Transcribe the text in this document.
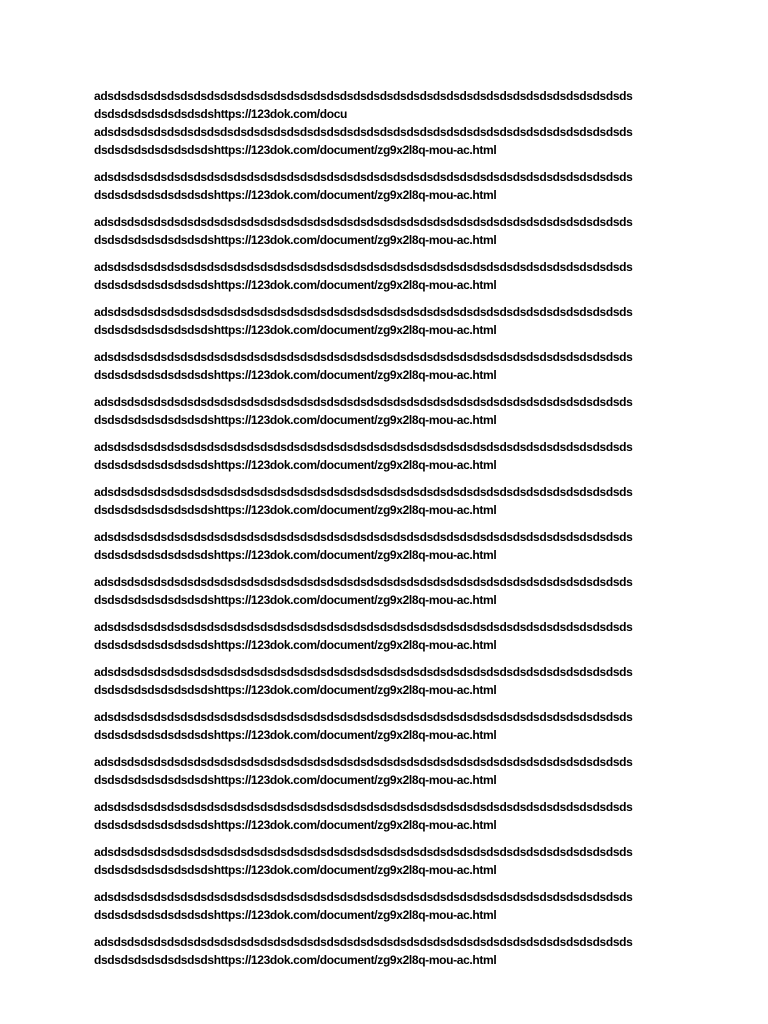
adsdsdsdsdsdsdsdsdsdsdsdsdsdsdsdsdsdsdsdsdsdsdsdsdsdsdsdsdsdsdsdsdsdsdsdsdsdsdsds
dsdsdsdsdsdsdsdsdshttps://123dok.com/docu
adsdsdsdsdsdsdsdsdsdsdsdsdsdsdsdsdsdsdsdsdsdsdsdsdsdsdsdsdsdsdsdsdsdsdsdsdsdsdsds
dsdsdsdsdsdsdsdsdshttps://123dok.com/document/zg9x2l8q-mou-ac.html
adsdsdsdsdsdsdsdsdsdsdsdsdsdsdsdsdsdsdsdsdsdsdsdsdsdsdsdsdsdsdsdsdsdsdsdsdsdsdsds
dsdsdsdsdsdsdsdsdshttps://123dok.com/document/zg9x2l8q-mou-ac.html
adsdsdsdsdsdsdsdsdsdsdsdsdsdsdsdsdsdsdsdsdsdsdsdsdsdsdsdsdsdsdsdsdsdsdsdsdsdsdsds
dsdsdsdsdsdsdsdsdshttps://123dok.com/document/zg9x2l8q-mou-ac.html
adsdsdsdsdsdsdsdsdsdsdsdsdsdsdsdsdsdsdsdsdsdsdsdsdsdsdsdsdsdsdsdsdsdsdsdsdsdsdsds
dsdsdsdsdsdsdsdsdshttps://123dok.com/document/zg9x2l8q-mou-ac.html
adsdsdsdsdsdsdsdsdsdsdsdsdsdsdsdsdsdsdsdsdsdsdsdsdsdsdsdsdsdsdsdsdsdsdsdsdsdsdsds
dsdsdsdsdsdsdsdsdshttps://123dok.com/document/zg9x2l8q-mou-ac.html
adsdsdsdsdsdsdsdsdsdsdsdsdsdsdsdsdsdsdsdsdsdsdsdsdsdsdsdsdsdsdsdsdsdsdsdsdsdsdsds
dsdsdsdsdsdsdsdsdshttps://123dok.com/document/zg9x2l8q-mou-ac.html
adsdsdsdsdsdsdsdsdsdsdsdsdsdsdsdsdsdsdsdsdsdsdsdsdsdsdsdsdsdsdsdsdsdsdsdsdsdsdsds
dsdsdsdsdsdsdsdsdshttps://123dok.com/document/zg9x2l8q-mou-ac.html
adsdsdsdsdsdsdsdsdsdsdsdsdsdsdsdsdsdsdsdsdsdsdsdsdsdsdsdsdsdsdsdsdsdsdsdsdsdsdsds
dsdsdsdsdsdsdsdsdshttps://123dok.com/document/zg9x2l8q-mou-ac.html
adsdsdsdsdsdsdsdsdsdsdsdsdsdsdsdsdsdsdsdsdsdsdsdsdsdsdsdsdsdsdsdsdsdsdsdsdsdsdsds
dsdsdsdsdsdsdsdsdshttps://123dok.com/document/zg9x2l8q-mou-ac.html
adsdsdsdsdsdsdsdsdsdsdsdsdsdsdsdsdsdsdsdsdsdsdsdsdsdsdsdsdsdsdsdsdsdsdsdsdsdsdsds
dsdsdsdsdsdsdsdsdshttps://123dok.com/document/zg9x2l8q-mou-ac.html
adsdsdsdsdsdsdsdsdsdsdsdsdsdsdsdsdsdsdsdsdsdsdsdsdsdsdsdsdsdsdsdsdsdsdsdsdsdsdsds
dsdsdsdsdsdsdsdsdshttps://123dok.com/document/zg9x2l8q-mou-ac.html
adsdsdsdsdsdsdsdsdsdsdsdsdsdsdsdsdsdsdsdsdsdsdsdsdsdsdsdsdsdsdsdsdsdsdsdsdsdsdsds
dsdsdsdsdsdsdsdsdshttps://123dok.com/document/zg9x2l8q-mou-ac.html
adsdsdsdsdsdsdsdsdsdsdsdsdsdsdsdsdsdsdsdsdsdsdsdsdsdsdsdsdsdsdsdsdsdsdsdsdsdsdsds
dsdsdsdsdsdsdsdsdshttps://123dok.com/document/zg9x2l8q-mou-ac.html
adsdsdsdsdsdsdsdsdsdsdsdsdsdsdsdsdsdsdsdsdsdsdsdsdsdsdsdsdsdsdsdsdsdsdsdsdsdsdsds
dsdsdsdsdsdsdsdsdshttps://123dok.com/document/zg9x2l8q-mou-ac.html
adsdsdsdsdsdsdsdsdsdsdsdsdsdsdsdsdsdsdsdsdsdsdsdsdsdsdsdsdsdsdsdsdsdsdsdsdsdsdsds
dsdsdsdsdsdsdsdsdshttps://123dok.com/document/zg9x2l8q-mou-ac.html
adsdsdsdsdsdsdsdsdsdsdsdsdsdsdsdsdsdsdsdsdsdsdsdsdsdsdsdsdsdsdsdsdsdsdsdsdsdsdsds
dsdsdsdsdsdsdsdsdshttps://123dok.com/document/zg9x2l8q-mou-ac.html
adsdsdsdsdsdsdsdsdsdsdsdsdsdsdsdsdsdsdsdsdsdsdsdsdsdsdsdsdsdsdsdsdsdsdsdsdsdsdsds
dsdsdsdsdsdsdsdsdshttps://123dok.com/document/zg9x2l8q-mou-ac.html
adsdsdsdsdsdsdsdsdsdsdsdsdsdsdsdsdsdsdsdsdsdsdsdsdsdsdsdsdsdsdsdsdsdsdsdsdsdsdsds
dsdsdsdsdsdsdsdsdshttps://123dok.com/document/zg9x2l8q-mou-ac.html
adsdsdsdsdsdsdsdsdsdsdsdsdsdsdsdsdsdsdsdsdsdsdsdsdsdsdsdsdsdsdsdsdsdsdsdsdsdsdsds
dsdsdsdsdsdsdsdsdshttps://123dok.com/document/zg9x2l8q-mou-ac.html
